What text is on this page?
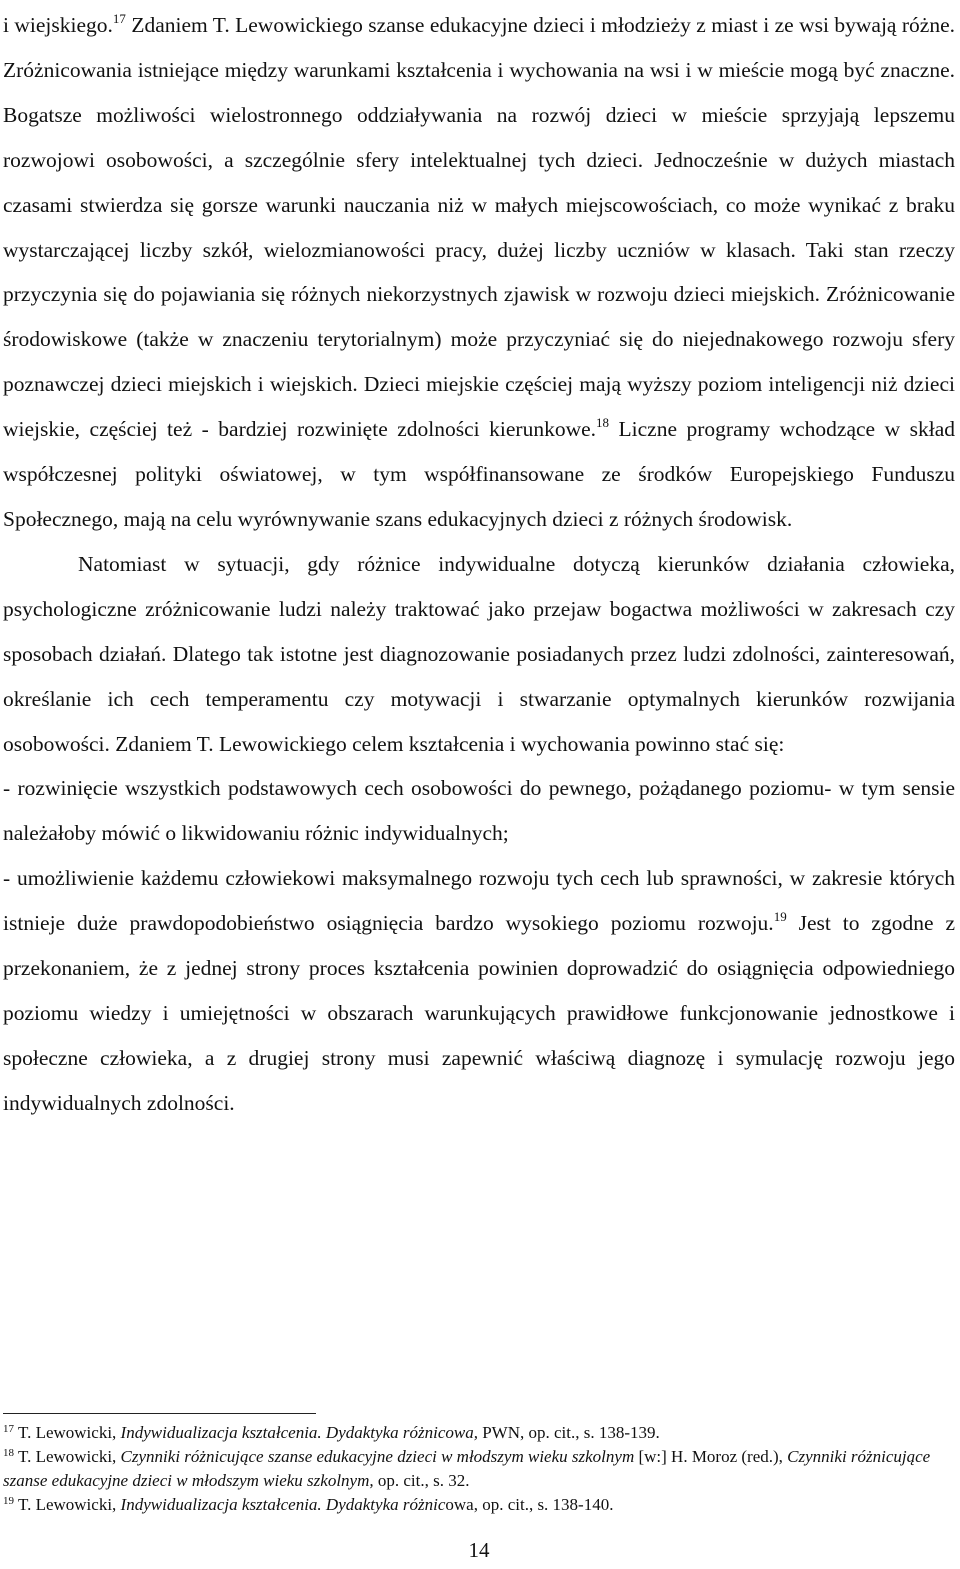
i wiejskiego.$^{17}$ Zdaniem T. Lewowickiego szanse edukacyjne dzieci i młodzieży z miast i ze wsi bywają różne. Zróżnicowania istniejące między warunkami kształcenia i wychowania na wsi i w mieście mogą być znaczne. Bogatsze możliwości wielostronnego oddziaływania na rozwój dzieci w mieście sprzyjają lepszemu rozwojowi osobowości, a szczególnie sfery intelektualnej tych dzieci. Jednocześnie w dużych miastach czasami stwierdza się gorsze warunki nauczania niż w małych miejscowościach, co może wynikać z braku wystarczającej liczby szkół, wielozmianowości pracy, dużej liczby uczniów w klasach. Taki stan rzeczy przyczynia się do pojawiania się różnych niekorzystnych zjawisk w rozwoju dzieci miejskich. Zróżnicowanie środowiskowe (także w znaczeniu terytorialnym) może przyczyniać się do niejednakowego rozwoju sfery poznawczej dzieci miejskich i wiejskich. Dzieci miejskie częściej mają wyższy poziom inteligencji niż dzieci wiejskie, częściej też - bardziej rozwinięte zdolności kierunkowe.$^{18}$ Liczne programy wchodzące w skład współczesnej polityki oświatowej, w tym współfinansowane ze środków Europejskiego Funduszu Społecznego, mają na celu wyrównywanie szans edukacyjnych dzieci z różnych środowisk.

Natomiast w sytuacji, gdy różnice indywidualne dotyczą kierunków działania człowieka, psychologiczne zróżnicowanie ludzi należy traktować jako przejaw bogactwa możliwości w zakresach czy sposobach działań. Dlatego tak istotne jest diagnozowanie posiadanych przez ludzi zdolności, zainteresowań, określanie ich cech temperamentu czy motywacji i stwarzanie optymalnych kierunków rozwijania osobowości. Zdaniem T. Lewowickiego celem kształcenia i wychowania powinno stać się:

- rozwinięcie wszystkich podstawowych cech osobowości do pewnego, pożądanego poziomu- w tym sensie należałoby mówić o likwidowaniu różnic indywidualnych;

- umożliwienie każdemu człowiekowi maksymalnego rozwoju tych cech lub sprawności, w zakresie których istnieje duże prawdopodobieństwo osiągnięcia bardzo wysokiego poziomu rozwoju.$^{19}$ Jest to zgodne z przekonaniem, że z jednej strony proces kształcenia powinien doprowadzić do osiągnięcia odpowiedniego poziomu wiedzy i umiejętności w obszarach warunkujących prawidłowe funkcjonowanie jednostkowe i społeczne człowieka, a z drugiej strony musi zapewnić właściwą diagnozę i symulację rozwoju jego indywidualnych zdolności.

$^{17}$ T. Lewowicki, Indywidualizacja kształcenia. Dydaktyka różnicowa, PWN, op. cit., s. 138-139.

$^{18}$ T. Lewowicki, Czynniki różnicujące szanse edukacyjne dzieci w młodszym wieku szkolnym [w:] H. Moroz (red.), Czynniki różnicujące szanse edukacyjne dzieci w młodszym wieku szkolnym, op. cit., s. 32.

$^{19}$ T. Lewowicki, Indywidualizacja kształcenia. Dydaktyka różnicowa, op. cit., s. 138-140.

14
